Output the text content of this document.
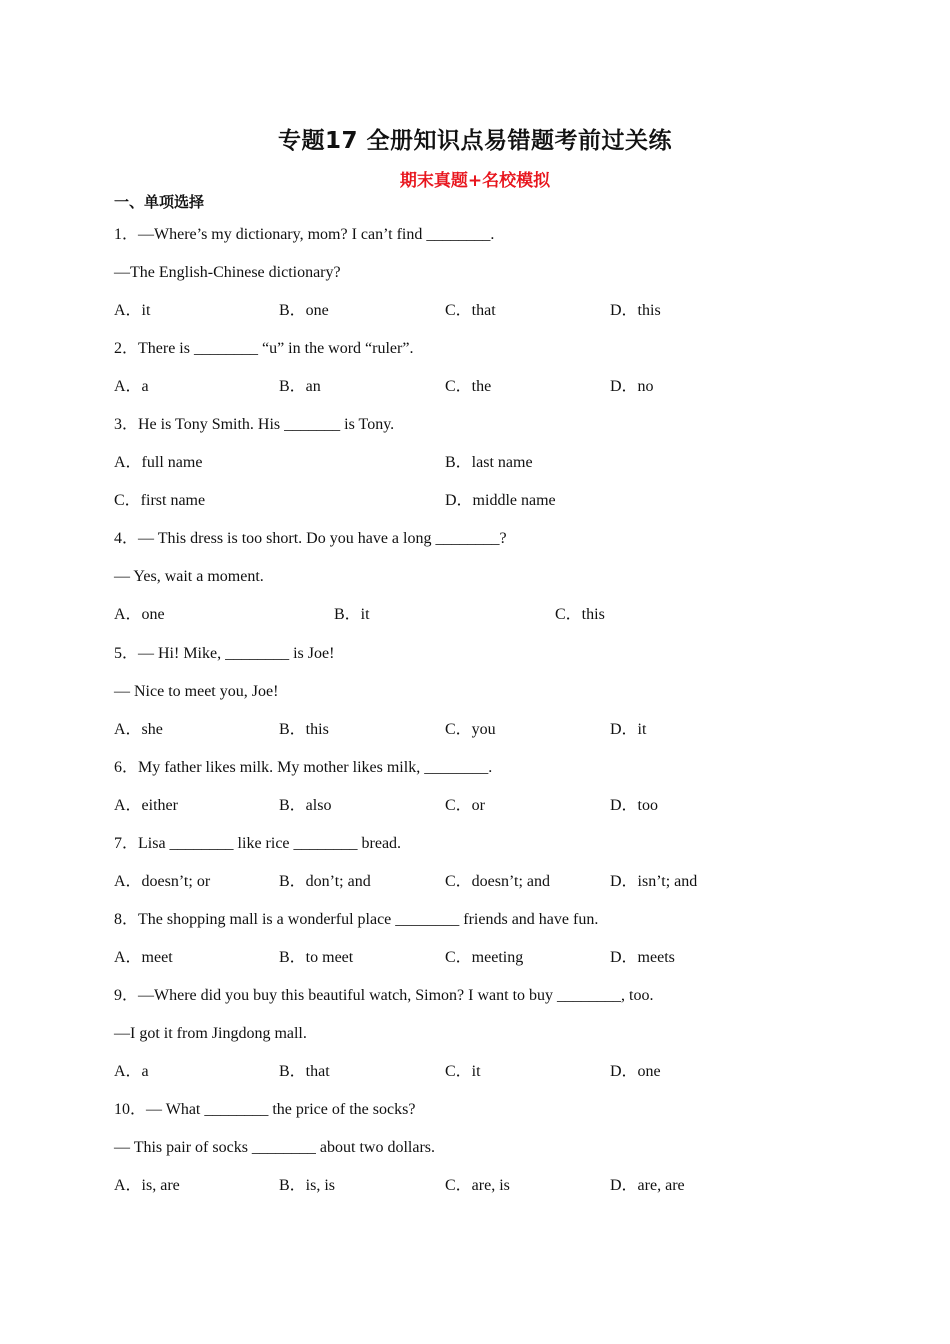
专题17 全册知识点易错题考前过关练
期末真题+名校模拟
一、单项选择
1．—Where’s my dictionary, mom? I can’t find ________.
—The English-Chinese dictionary?
A．it	B．one	C．that	D．this
2．There is ________ “u” in the word “ruler”.
A．a	B．an	C．the	D．no
3．He is Tony Smith. His _______ is Tony.
A．full name	B．last name
C．first name	D．middle name
4．— This dress is too short. Do you have a long ________?
— Yes, wait a moment.
A．one	B．it	C．this
5．— Hi! Mike, ________ is Joe!
— Nice to meet you, Joe!
A．she	B．this	C．you	D．it
6．My father likes milk. My mother likes milk, ________.
A．either	B．also	C．or	D．too
7．Lisa ________ like rice ________ bread.
A．doesn’t; or	B．don’t; and	C．doesn’t; and	D．isn’t; and
8．The shopping mall is a wonderful place ________ friends and have fun.
A．meet	B．to meet	C．meeting	D．meets
9．—Where did you buy this beautiful watch, Simon? I want to buy ________, too.
—I got it from Jingdong mall.
A．a	B．that	C．it	D．one
10．— What ________ the price of the socks?
— This pair of socks ________ about two dollars.
A．is, are	B．is, is	C．are, is	D．are, are
